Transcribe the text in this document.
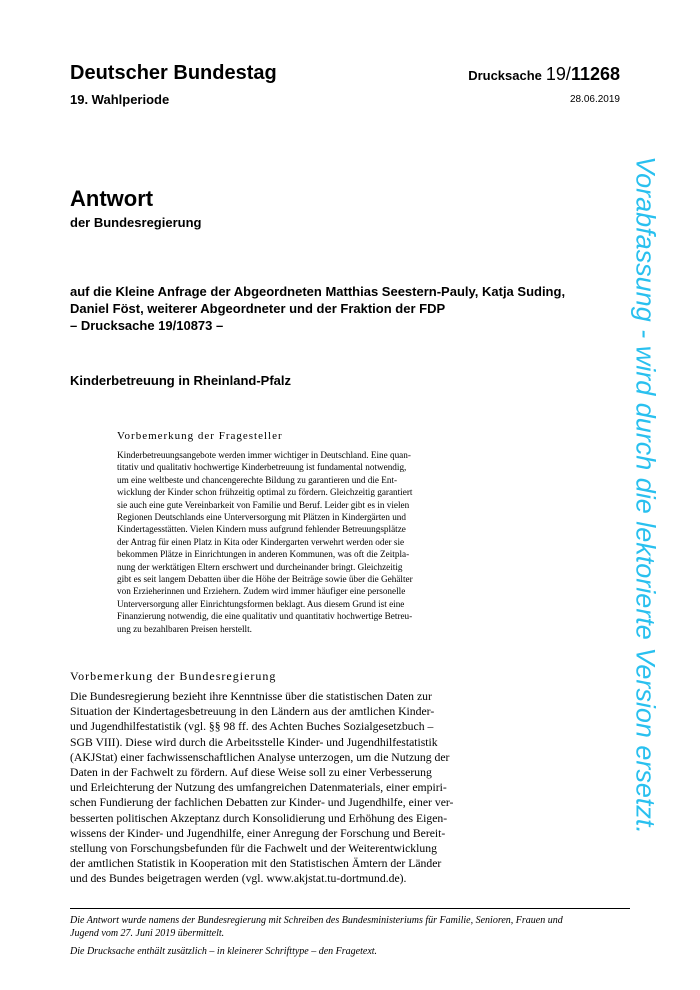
Deutscher Bundestag
19. Wahlperiode
Drucksache 19/11268
28.06.2019
Antwort
der Bundesregierung
auf die Kleine Anfrage der Abgeordneten Matthias Seestern-Pauly, Katja Suding,
Daniel Föst, weiterer Abgeordneter und der Fraktion der FDP
– Drucksache 19/10873 –
Kinderbetreuung in Rheinland-Pfalz
Vorbemerkung der Fragesteller
Kinderbetreuungsangebote werden immer wichtiger in Deutschland. Eine quan-
titativ und qualitativ hochwertige Kinderbetreuung ist fundamental notwendig,
um eine weltbeste und chancengerechte Bildung zu garantieren und die Ent-
wicklung der Kinder schon frühzeitig optimal zu fördern. Gleichzeitig garantiert
sie auch eine gute Vereinbarkeit von Familie und Beruf. Leider gibt es in vielen
Regionen Deutschlands eine Unterversorgung mit Plätzen in Kindergärten und
Kindertagesstätten. Vielen Kindern muss aufgrund fehlender Betreuungsplätze
der Antrag für einen Platz in Kita oder Kindergarten verwehrt werden oder sie
bekommen Plätze in Einrichtungen in anderen Kommunen, was oft die Zeitpla-
nung der werktätigen Eltern erschwert und durcheinander bringt. Gleichzeitig
gibt es seit langem Debatten über die Höhe der Beiträge sowie über die Gehälter
von Erzieherinnen und Erziehern. Zudem wird immer häufiger eine personelle
Unterversorgung aller Einrichtungsformen beklagt. Aus diesem Grund ist eine
Finanzierung notwendig, die eine qualitativ und quantitativ hochwertige Betreu-
ung zu bezahlbaren Preisen herstellt.
Vorbemerkung der Bundesregierung
Die Bundesregierung bezieht ihre Kenntnisse über die statistischen Daten zur
Situation der Kindertagesbetreuung in den Ländern aus der amtlichen Kinder-
und Jugendhilfestatistik (vgl. §§ 98 ff. des Achten Buches Sozialgesetzbuch –
SGB VIII). Diese wird durch die Arbeitsstelle Kinder- und Jugendhilfestatistik
(AKJStat) einer fachwissenschaftlichen Analyse unterzogen, um die Nutzung der
Daten in der Fachwelt zu fördern. Auf diese Weise soll zu einer Verbesserung
und Erleichterung der Nutzung des umfangreichen Datenmaterials, einer empiri-
schen Fundierung der fachlichen Debatten zur Kinder- und Jugendhilfe, einer ver-
besserten politischen Akzeptanz durch Konsolidierung und Erhöhung des Eigen-
wissens der Kinder- und Jugendhilfe, einer Anregung der Forschung und Bereit-
stellung von Forschungsbefunden für die Fachwelt und der Weiterentwicklung
der amtlichen Statistik in Kooperation mit den Statistischen Ämtern der Länder
und des Bundes beigetragen werden (vgl. www.akjstat.tu-dortmund.de).
Die Antwort wurde namens der Bundesregierung mit Schreiben des Bundesministeriums für Familie, Senioren, Frauen und
Jugend vom 27. Juni 2019 übermittelt.
Die Drucksache enthält zusätzlich – in kleinerer Schrifttype – den Fragetext.
Vorabfassung - wird durch die lektorierte Version ersetzt.
